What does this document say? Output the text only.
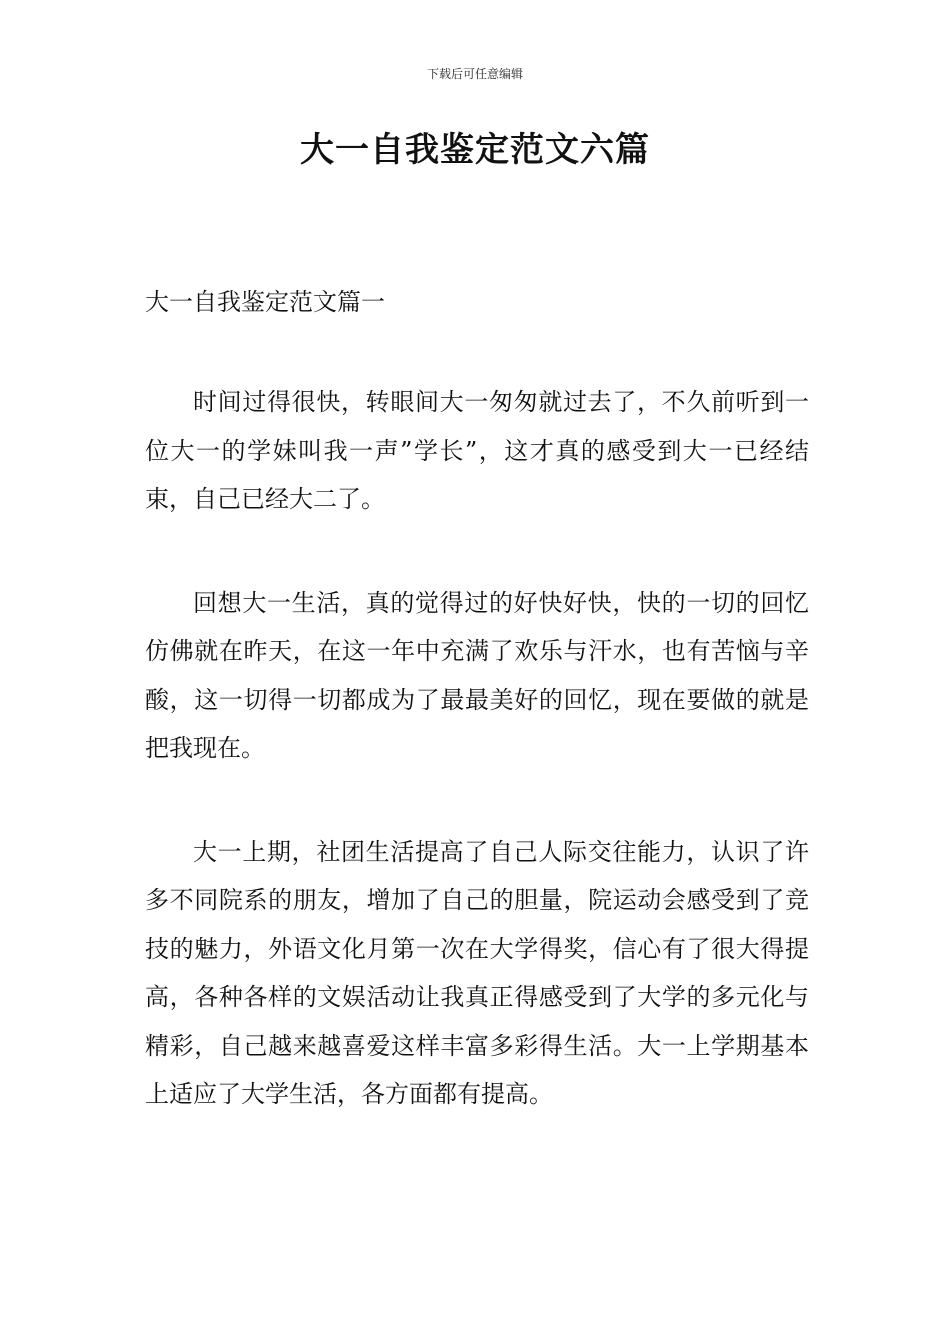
下载后可任意编辑
大一自我鉴定范文六篇

大一自我鉴定范文篇一

时间过得很快，转眼间大一匆匆就过去了，不久前听到一位大一的学妹叫我一声”学长”，这才真的感受到大一已经结束，自己已经大二了。

回想大一生活，真的觉得过的好快好快，快的一切的回忆仿佛就在昨天，在这一年中充满了欢乐与汗水，也有苦恼与辛酸，这一切得一切都成为了最最美好的回忆，现在要做的就是把我现在。

大一上期，社团生活提高了自己人际交往能力，认识了许多不同院系的朋友，增加了自己的胆量，院运动会感受到了竞技的魅力，外语文化月第一次在大学得奖，信心有了很大得提高，各种各样的文娱活动让我真正得感受到了大学的多元化与精彩，自己越来越喜爱这样丰富多彩得生活。大一上学期基本上适应了大学生活，各方面都有提高。
